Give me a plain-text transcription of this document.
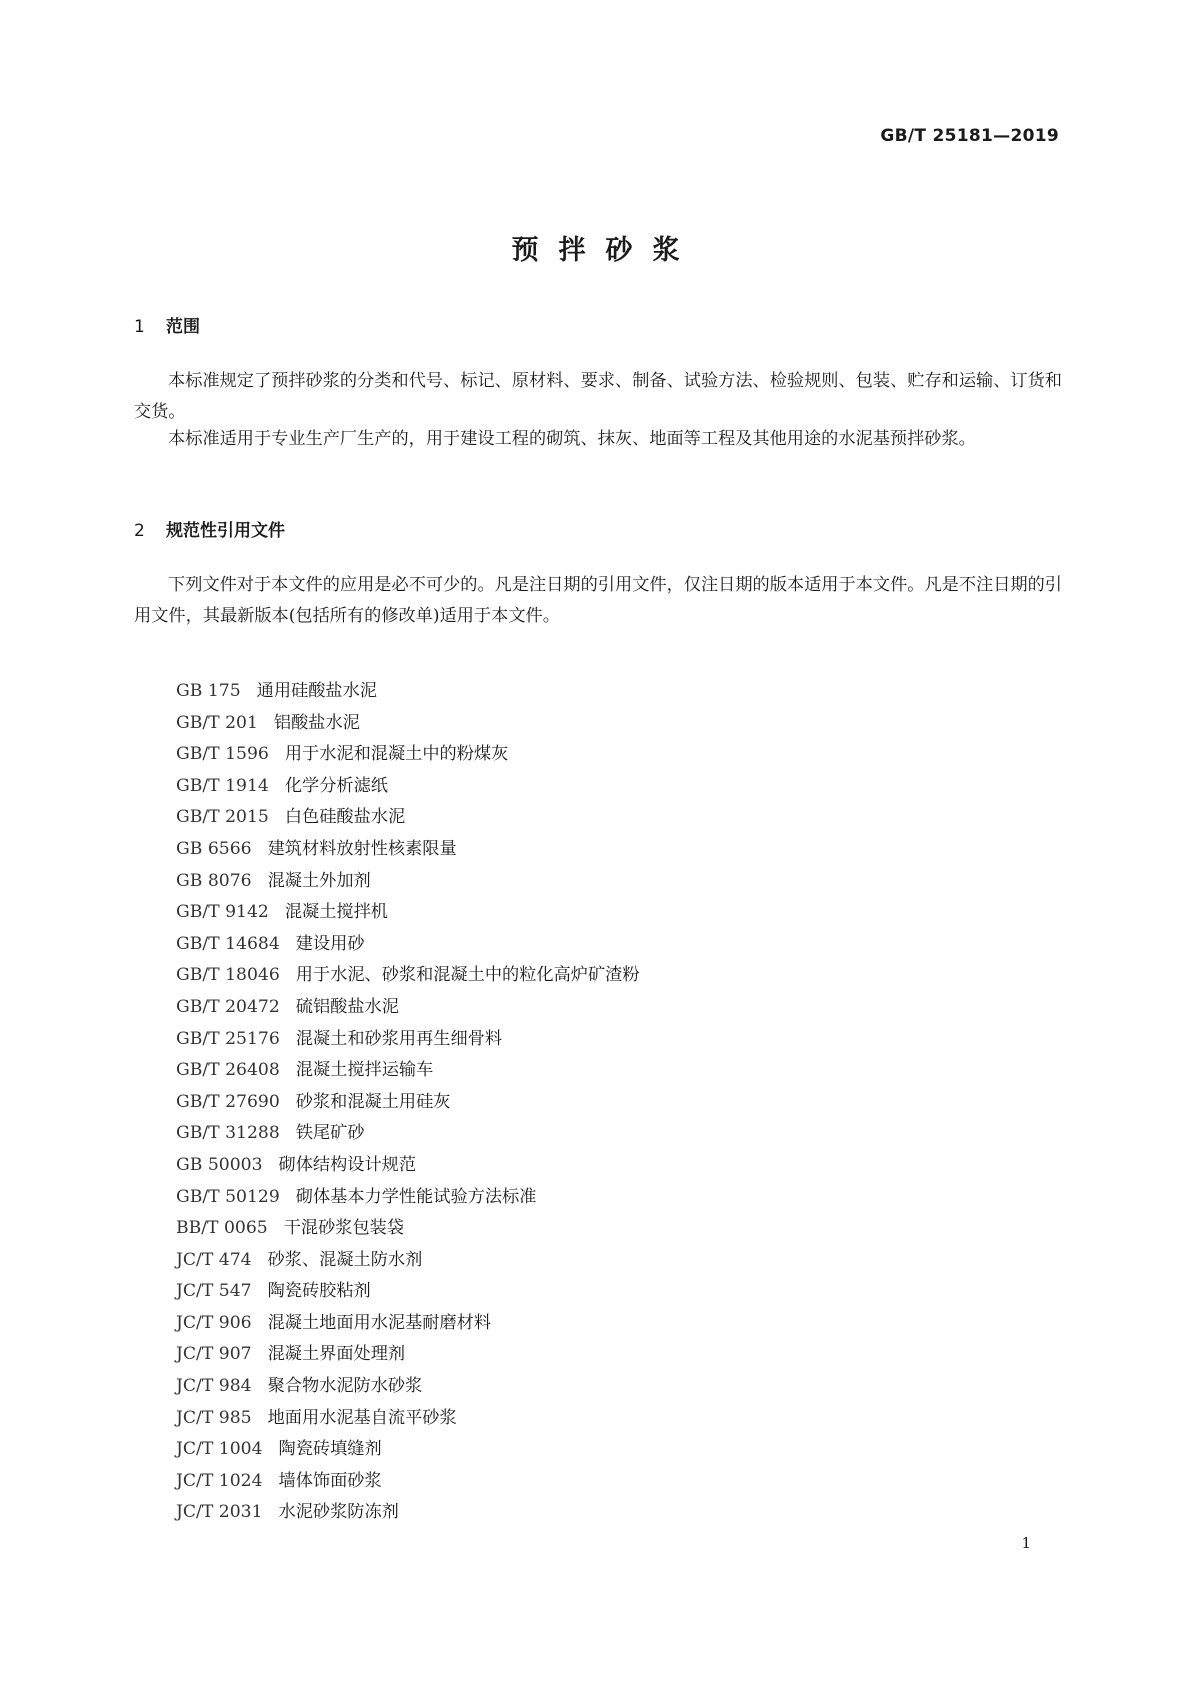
GB/T 25181—2019
预拌砂浆
1 范围

本标准规定了预拌砂浆的分类和代号、标记、原材料、要求、制备、试验方法、检验规则、包装、贮存和运输、订货和交货。

本标准适用于专业生产厂生产的，用于建设工程的砌筑、抹灰、地面等工程及其他用途的水泥基预拌砂浆。

2 规范性引用文件

下列文件对于本文件的应用是必不可少的。凡是注日期的引用文件，仅注日期的版本适用于本文件。凡是不注日期的引用文件，其最新版本(包括所有的修改单)适用于本文件。

GB 175 通用硅酸盐水泥
GB/T 201 铝酸盐水泥
GB/T 1596 用于水泥和混凝土中的粉煤灰
GB/T 1914 化学分析滤纸
GB/T 2015 白色硅酸盐水泥
GB 6566 建筑材料放射性核素限量
GB 8076 混凝土外加剂
GB/T 9142 混凝土搅拌机
GB/T 14684 建设用砂
GB/T 18046 用于水泥、砂浆和混凝土中的粒化高炉矿渣粉
GB/T 20472 硫铝酸盐水泥
GB/T 25176 混凝土和砂浆用再生细骨料
GB/T 26408 混凝土搅拌运输车
GB/T 27690 砂浆和混凝土用硅灰
GB/T 31288 铁尾矿砂
GB 50003 砌体结构设计规范
GB/T 50129 砌体基本力学性能试验方法标准
BB/T 0065 干混砂浆包装袋
JC/T 474 砂浆、混凝土防水剂
JC/T 547 陶瓷砖胶粘剂
JC/T 906 混凝土地面用水泥基耐磨材料
JC/T 907 混凝土界面处理剂
JC/T 984 聚合物水泥防水砂浆
JC/T 985 地面用水泥基自流平砂浆
JC/T 1004 陶瓷砖填缝剂
JC/T 1024 墙体饰面砂浆
JC/T 2031 水泥砂浆防冻剂
1
